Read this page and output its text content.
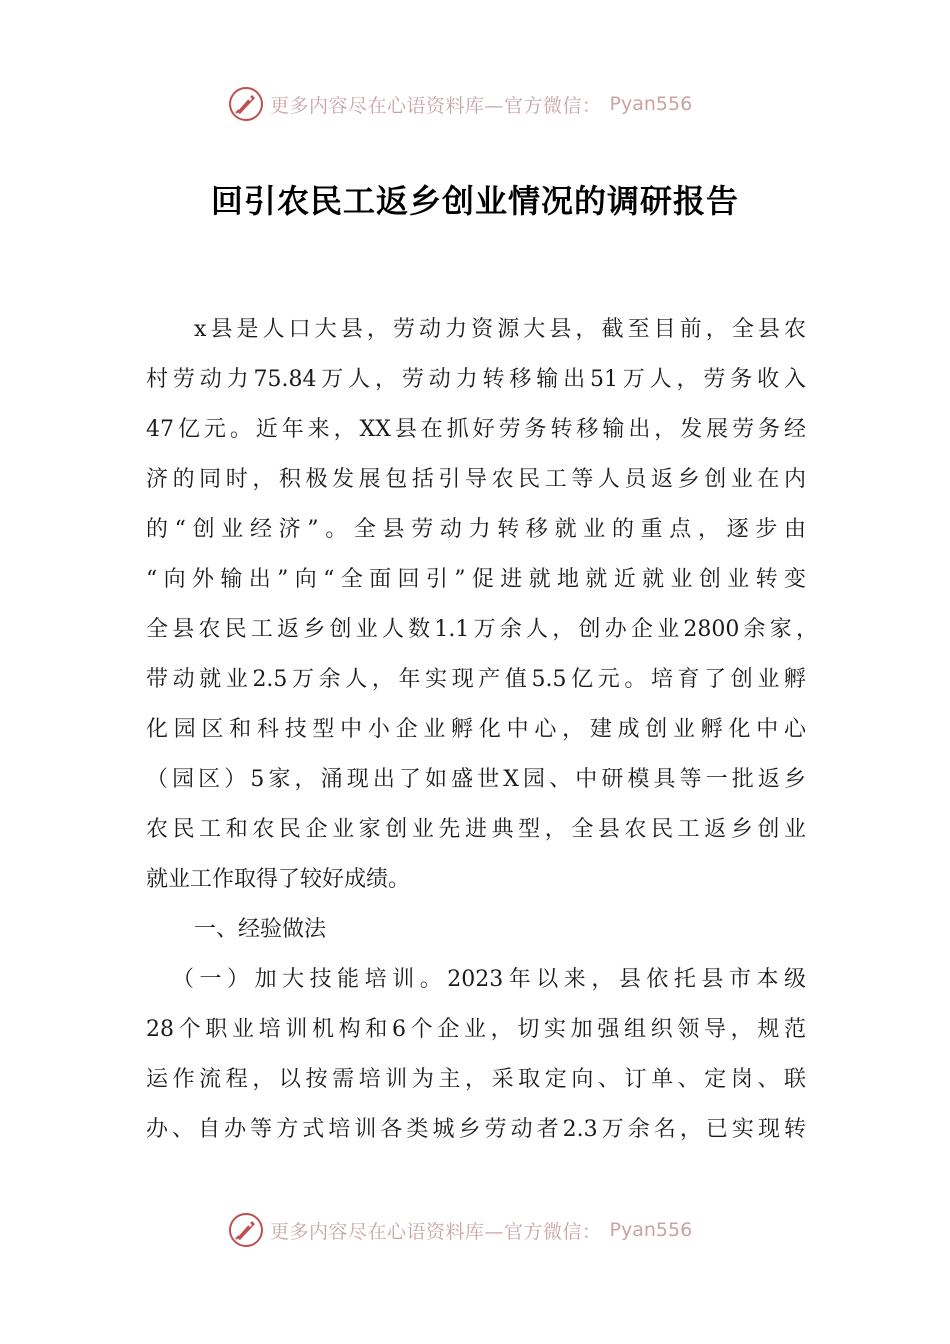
更多内容尽在心语资料库—官方微信： Pyan556
回引农民工返乡创业情况的调研报告

x县是人口大县，劳动力资源大县，截至目前，全县农

村劳动力75.84万人，劳动力转移输出51万人，劳务收入

47亿元。近年来，XX县在抓好劳务转移输出，发展劳务经

济的同时，积极发展包括引导农民工等人员返乡创业在内

的“创业经济”。全县劳动力转移就业的重点，逐步由

“向外输出”向“全面回引”促进就地就近就业创业转变

全县农民工返乡创业人数1.1万余人，创办企业2800余家，

带动就业2.5万余人，年实现产值5.5亿元。培育了创业孵

化园区和科技型中小企业孵化中心，建成创业孵化中心

（园区）5家，涌现出了如盛世X园、中研模具等一批返乡

农民工和农民企业家创业先进典型，全县农民工返乡创业

就业工作取得了较好成绩。

一、经验做法

（一）加大技能培训。2023年以来，县依托县市本级

28个职业培训机构和6个企业，切实加强组织领导，规范

运作流程，以按需培训为主，采取定向、订单、定岗、联

办、自办等方式培训各类城乡劳动者2.3万余名，已实现转

更多内容尽在心语资料库—官方微信： Pyan556
